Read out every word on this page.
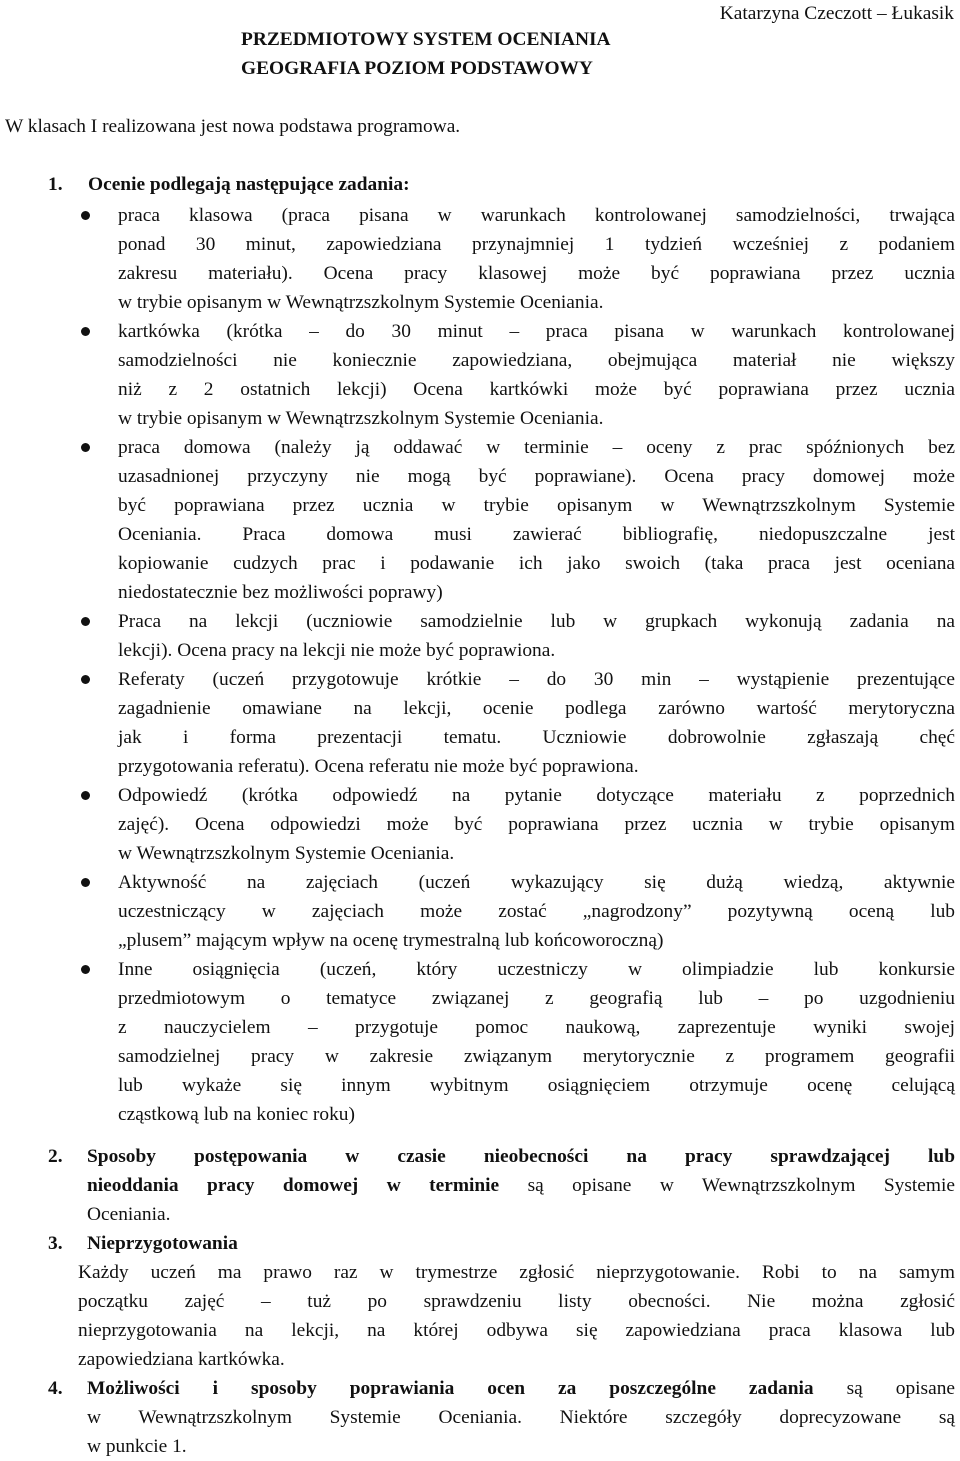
Katarzyna Czeczott – Łukasik
PRZEDMIOTOWY SYSTEM OCENIANIA
GEOGRAFIA POZIOM PODSTAWOWY
W klasach I realizowana jest nowa podstawa programowa.
1. Ocenie podlegają następujące zadania:
praca klasowa (praca pisana w warunkach kontrolowanej samodzielności, trwająca
ponad 30 minut, zapowiedziana przynajmniej 1 tydzień wcześniej z podaniem
zakresu materiału). Ocena pracy klasowej może być poprawiana przez ucznia
w trybie opisanym w Wewnątrzszkolnym Systemie Oceniania.
kartkówka (krótka – do 30 minut – praca pisana w warunkach kontrolowanej
samodzielności nie koniecznie zapowiedziana, obejmująca materiał nie większy
niż z 2 ostatnich lekcji) Ocena kartkówki może być poprawiana przez ucznia
w trybie opisanym w Wewnątrzszkolnym Systemie Oceniania.
praca domowa (należy ją oddawać w terminie – oceny z prac spóźnionych bez
uzasadnionej przyczyny nie mogą być poprawiane). Ocena pracy domowej może
być poprawiana przez ucznia w trybie opisanym w Wewnątrzszkolnym Systemie
Oceniania. Praca domowa musi zawierać bibliografię, niedopuszczalne jest
kopiowanie cudzych prac i podawanie ich jako swoich (taka praca jest oceniana
niedostatecznie bez możliwości poprawy)
Praca na lekcji (uczniowie samodzielnie lub w grupkach wykonują zadania na
lekcji). Ocena pracy na lekcji nie może być poprawiona.
Referaty (uczeń przygotowuje krótkie – do 30 min – wystąpienie prezentujące
zagadnienie omawiane na lekcji, ocenie podlega zarówno wartość merytoryczna
jak i forma prezentacji tematu. Uczniowie dobrowolnie zgłaszają chęć
przygotowania referatu). Ocena referatu nie może być poprawiona.
Odpowiedź (krótka odpowiedź na pytanie dotyczące materiału z poprzednich
zajęć). Ocena odpowiedzi może być poprawiana przez ucznia w trybie opisanym
w Wewnątrzszkolnym Systemie Oceniania.
Aktywność na zajęciach (uczeń wykazujący się dużą wiedzą, aktywnie
uczestniczący w zajęciach może zostać „nagrodzony” pozytywną oceną lub
„plusem” mającym wpływ na ocenę trymestralną lub końcoworoczną)
Inne osiągnięcia (uczeń, który uczestniczy w olimpiadzie lub konkursie
przedmiotowym o tematyce związanej z geografią lub – po uzgodnieniu
z nauczycielem – przygotuje pomoc naukową, zaprezentuje wyniki swojej
samodzielnej pracy w zakresie związanym merytorycznie z programem geografii
lub wykaże się innym wybitnym osiągnięciem otrzymuje ocenę celującą
cząstkową lub na koniec roku)
2. Sposoby postępowania w czasie nieobecności na pracy sprawdzającej lub
nieoddania pracy domowej w terminie są opisane w Wewnątrzszkolnym Systemie
Oceniania.
3. Nieprzygotowania
Każdy uczeń ma prawo raz w trymestrze zgłosić nieprzygotowanie. Robi to na samym
początku zajęć – tuż po sprawdzeniu listy obecności. Nie można zgłosić
nieprzygotowania na lekcji, na której odbywa się zapowiedziana praca klasowa lub
zapowiedziana kartkówka.
4. Możliwości i sposoby poprawiania ocen za poszczególne zadania są opisane
w Wewnątrzszkolnym Systemie Oceniania. Niektóre szczegóły doprecyzowane są
w punkcie 1.
